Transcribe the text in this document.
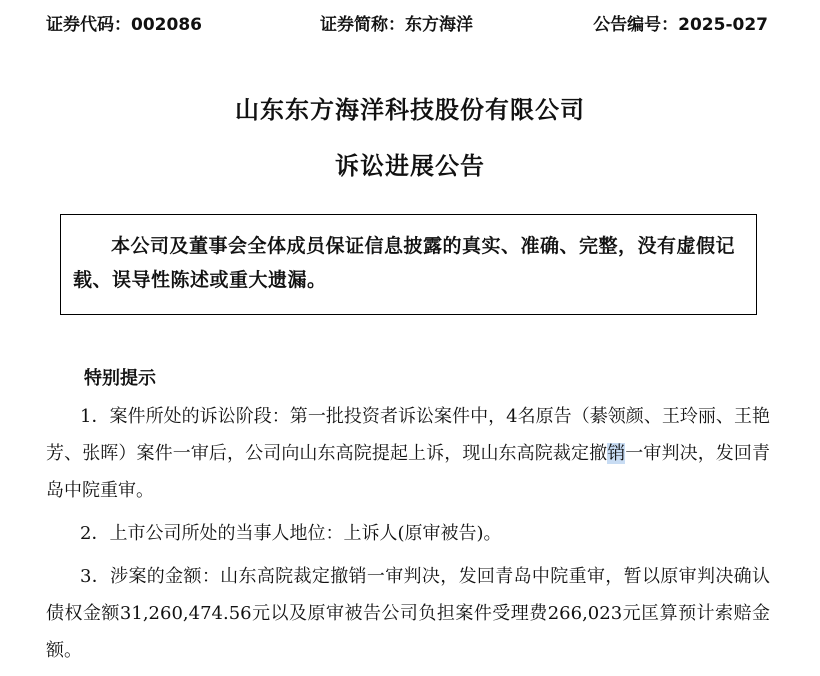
证券代码：002086	证券简称：东方海洋	公告编号：2025-027
山东东方海洋科技股份有限公司
诉讼进展公告
本公司及董事会全体成员保证信息披露的真实、准确、完整，没有虚假记载、误导性陈述或重大遗漏。
特别提示
1．案件所处的诉讼阶段：第一批投资者诉讼案件中，4名原告（綦领颜、王玲丽、王艳芳、张晖）案件一审后，公司向山东高院提起上诉，现山东高院裁定撤销一审判决，发回青岛中院重审。
2．上市公司所处的当事人地位：上诉人(原审被告)。
3．涉案的金额：山东高院裁定撤销一审判决，发回青岛中院重审，暂以原审判决确认债权金额31,260,474.56元以及原审被告公司负担案件受理费266,023元匡算预计索赔金额。
